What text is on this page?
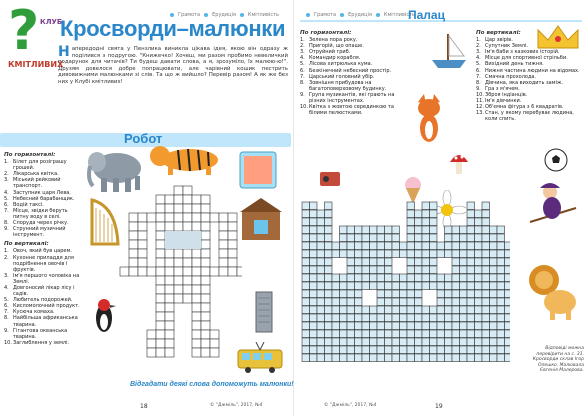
? КЛУБ
КМІТЛИВИХ
Грамота Ерудиція Кмітливість
Кросворди–малюнки
Напередодні свята у Пензлика виникла цікава ідея, якою він одразу ж поділився з подругою. "Книжечко! Хочеш, ми разом пробимо невеличкий подарунок для читачів? Ти будеш давати слова, а я, зрозуміло, їх малюю-ю!". Друзям довелося добре попрацювати, але чарівний кошик пестрить дивовижними малюнками зі слів. Та що ж вийшло? Перевір разом! А як же без них у Клубі кмітливих!
Робот
По горизонталі:
1. Білет для розіграшу грошей.
2. Лікарська квітка.
3. Міський рейковий транспорт.
4. Заступник царя Лева.
5. Небесний барабанщик.
6. Водій таксі.
7. Місце, звідки беруть питну воду в селі.
8. Споруда через річку.
9. Струнний музичний інструмент.
По вертикалі:
1. Овоч, який був царем.
2. Кухонне приладдя для подрібнення овочів і фруктів.
3. Ім'я першого чоловіка на Землі.
4. Довгоносий лікар лісу і садів.
5. Любитель подорожей.
6. Кисломолочний продукт.
7. Кусюча комаха.
8. Найбільша африканська тварина.
9. Гігантова океанська тварина.
10. Заглиблення у землі.
Відгадати деякі слова допоможуть малюнки!
18	© "Джміль", 2017, №4
Грамота Ерудиція Кмітливість
Палац
По горизонталі:
1. Зелена пора року.
2. Пригорій, що опаше.
3. Отруйний гриб.
4. Командир корабля.
5. Лісова хитрюлька кума.
6. Безкінечний небесний простір.
7. Царський головний убір.
8. Зовнішня прибудова на багатоповерховому будинку.
9. Група музикантів, які грають на різних інструментах.
10. Квітка з жовтою серединкою та білими пелюстками.
По вертикалі:
1. Цар звірів.
2. Супутник Землі.
3. Ім'я баби з казкових історій.
4. Місце для спортивної стрільби.
5. Вихідний день тижня.
6. Нижня частина людини на відомах.
7. Смачна прохолода.
8. Дівчина, яка виходить заміж.
9. Гра з м'ячем.
10. Зброя індіанців.
11. Ім'я дівчинки.
12. Об'ємна фігура з 6 квадратів.
13. Стан, у якому перебуває людина, коли спить.
Відповіді можна перевірити на с. 31. Кросворди склав Ігор Олешко. Малювала Євгенія Малерова.
19
© "Джміль", 2017, №4
